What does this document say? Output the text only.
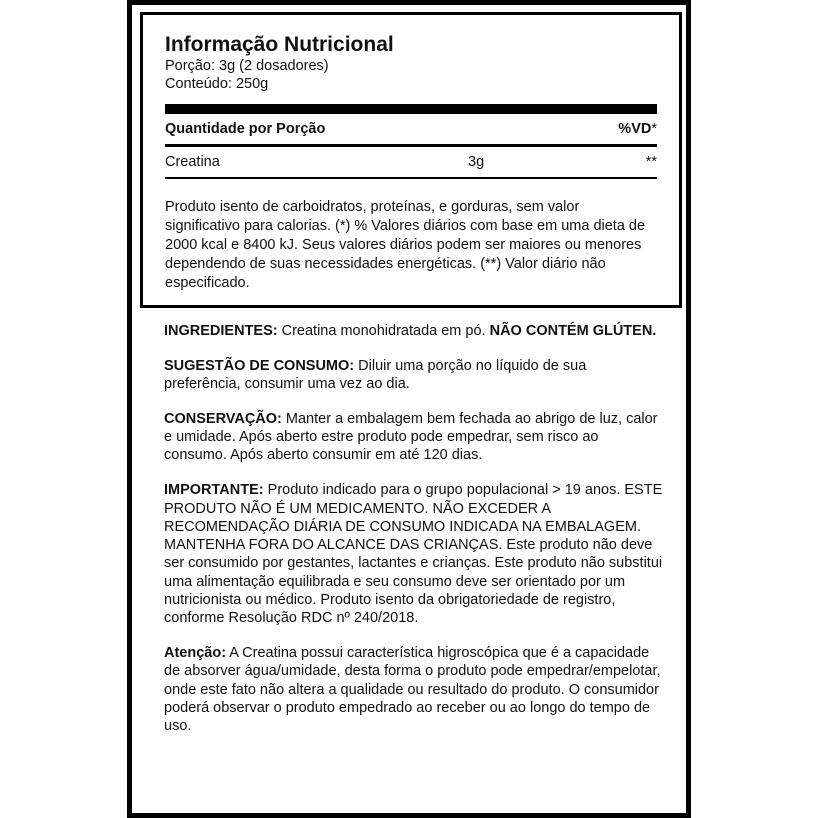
Informação Nutricional
Porção: 3g (2 dosadores)
Conteúdo: 250g
Quantidade por Porção	%VD*
Creatina	3g	**
Produto isento de carboidratos, proteínas, e gorduras, sem valor significativo para calorias. (*) % Valores diários com base em uma dieta de 2000 kcal e 8400 kJ. Seus valores diários podem ser maiores ou menores dependendo de suas necessidades energéticas. (**) Valor diário não especificado.

INGREDIENTES: Creatina monohidratada em pó. NÃO CONTÉM GLÚTEN.

SUGESTÃO DE CONSUMO: Diluir uma porção no líquido de sua preferência, consumir uma vez ao dia.

CONSERVAÇÃO: Manter a embalagem bem fechada ao abrigo de luz, calor e umidade. Após aberto estre produto pode empedrar, sem risco ao consumo. Após aberto consumir em até 120 dias.

IMPORTANTE: Produto indicado para o grupo populacional > 19 anos. ESTE PRODUTO NÃO É UM MEDICAMENTO. NÃO EXCEDER A RECOMENDAÇÃO DIÁRIA DE CONSUMO INDICADA NA EMBALAGEM. MANTENHA FORA DO ALCANCE DAS CRIANÇAS. Este produto não deve ser consumido por gestantes, lactantes e crianças. Este produto não substitui uma alimentação equilibrada e seu consumo deve ser orientado por um nutricionista ou médico. Produto isento da obrigatoriedade de registro, conforme Resolução RDC nº 240/2018.

Atenção: A Creatina possui característica higroscópica que é a capacidade de absorver água/umidade, desta forma o produto pode empedrar/empelotar, onde este fato não altera a qualidade ou resultado do produto. O consumidor poderá observar o produto empedrado ao receber ou ao longo do tempo de uso.
